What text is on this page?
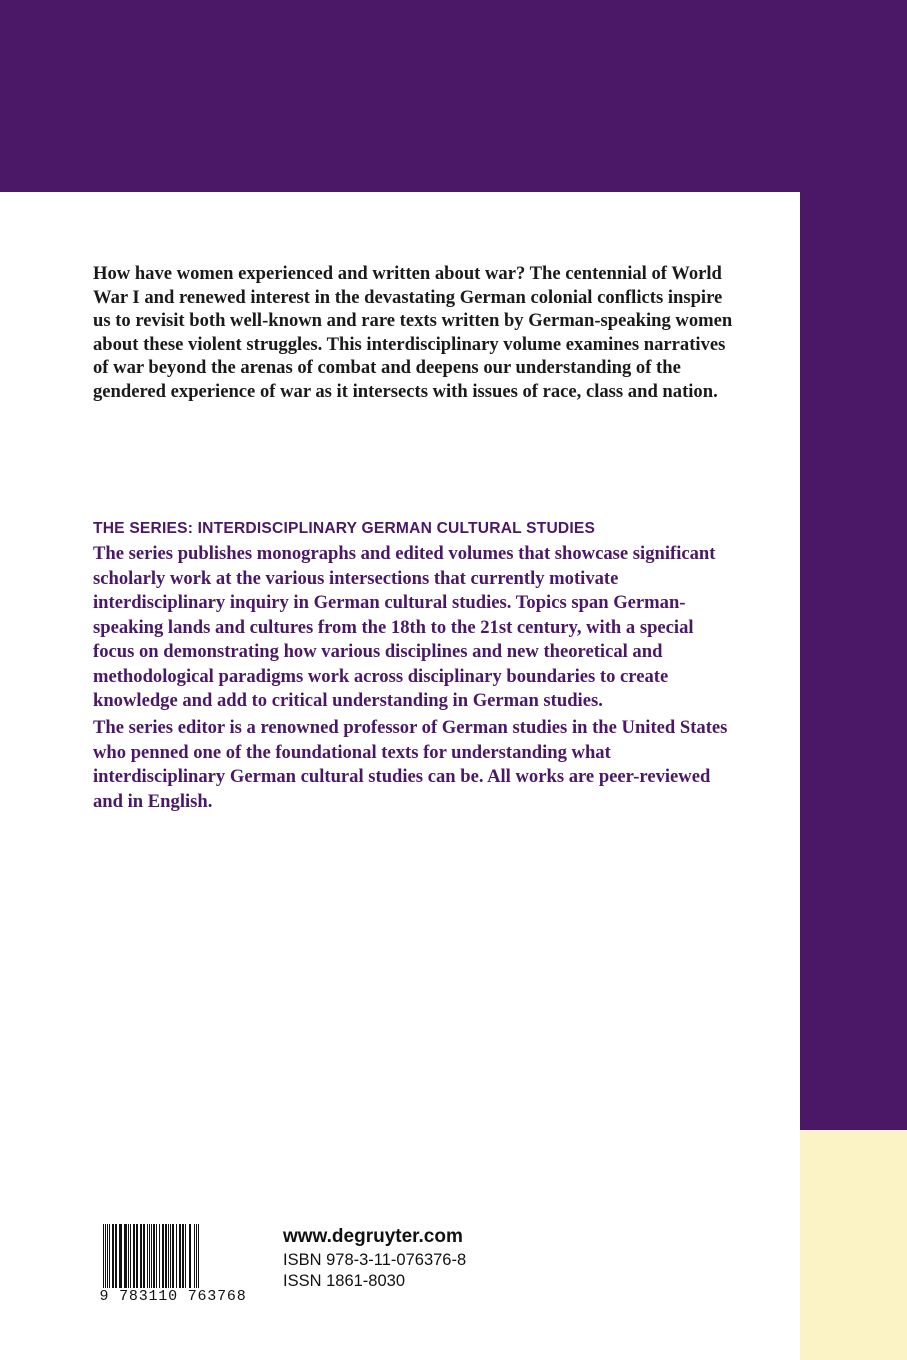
How have women experienced and written about war? The centennial of World War I and renewed interest in the devastating German colonial conflicts inspire us to revisit both well-known and rare texts written by German-speaking women about these violent struggles. This interdisciplinary volume examines narratives of war beyond the arenas of combat and deepens our understanding of the gendered experience of war as it intersects with issues of race, class and nation.

THE SERIES: INTERDISCIPLINARY GERMAN CULTURAL STUDIES

The series publishes monographs and edited volumes that showcase significant scholarly work at the various intersections that currently motivate interdisciplinary inquiry in German cultural studies. Topics span German-speaking lands and cultures from the 18th to the 21st century, with a special focus on demonstrating how various disciplines and new theoretical and methodological paradigms work across disciplinary boundaries to create knowledge and add to critical understanding in German studies.

The series editor is a renowned professor of German studies in the United States who penned one of the foundational texts for understanding what interdisciplinary German cultural studies can be. All works are peer-reviewed and in English.

9 783110 763768

www.degruyter.com

ISBN 978-3-11-076376-8

ISSN 1861-8030
